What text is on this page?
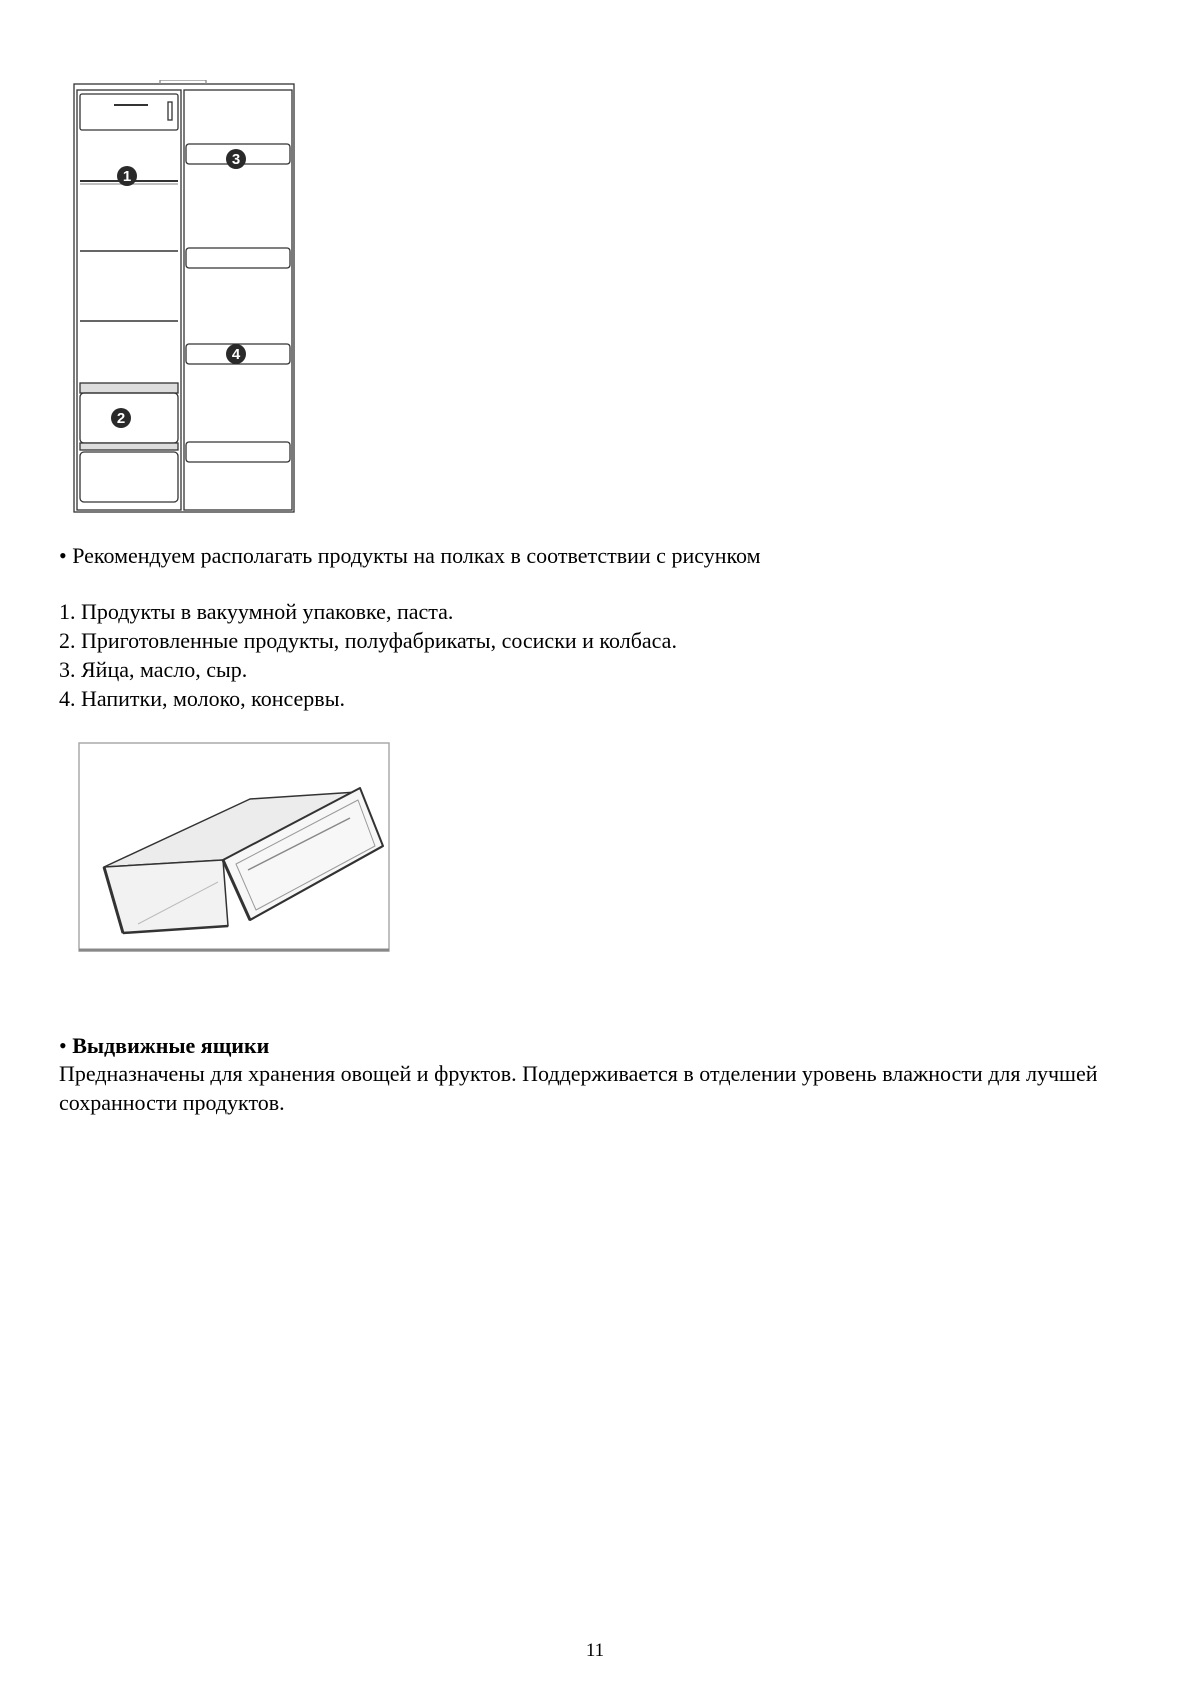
1
2
3
4
• Рекомендуем располагать продукты на полках в соответствии с рисунком
1. Продукты в вакуумной упаковке, паста.
2. Приготовленные продукты, полуфабрикаты, сосиски и колбаса.
3. Яйца, масло, сыр.
4. Напитки, молоко, консервы.
• Выдвижные ящики
Предназначены для хранения овощей и фруктов. Поддерживается в отделении уровень влажности для лучшей сохранности продуктов.
11
